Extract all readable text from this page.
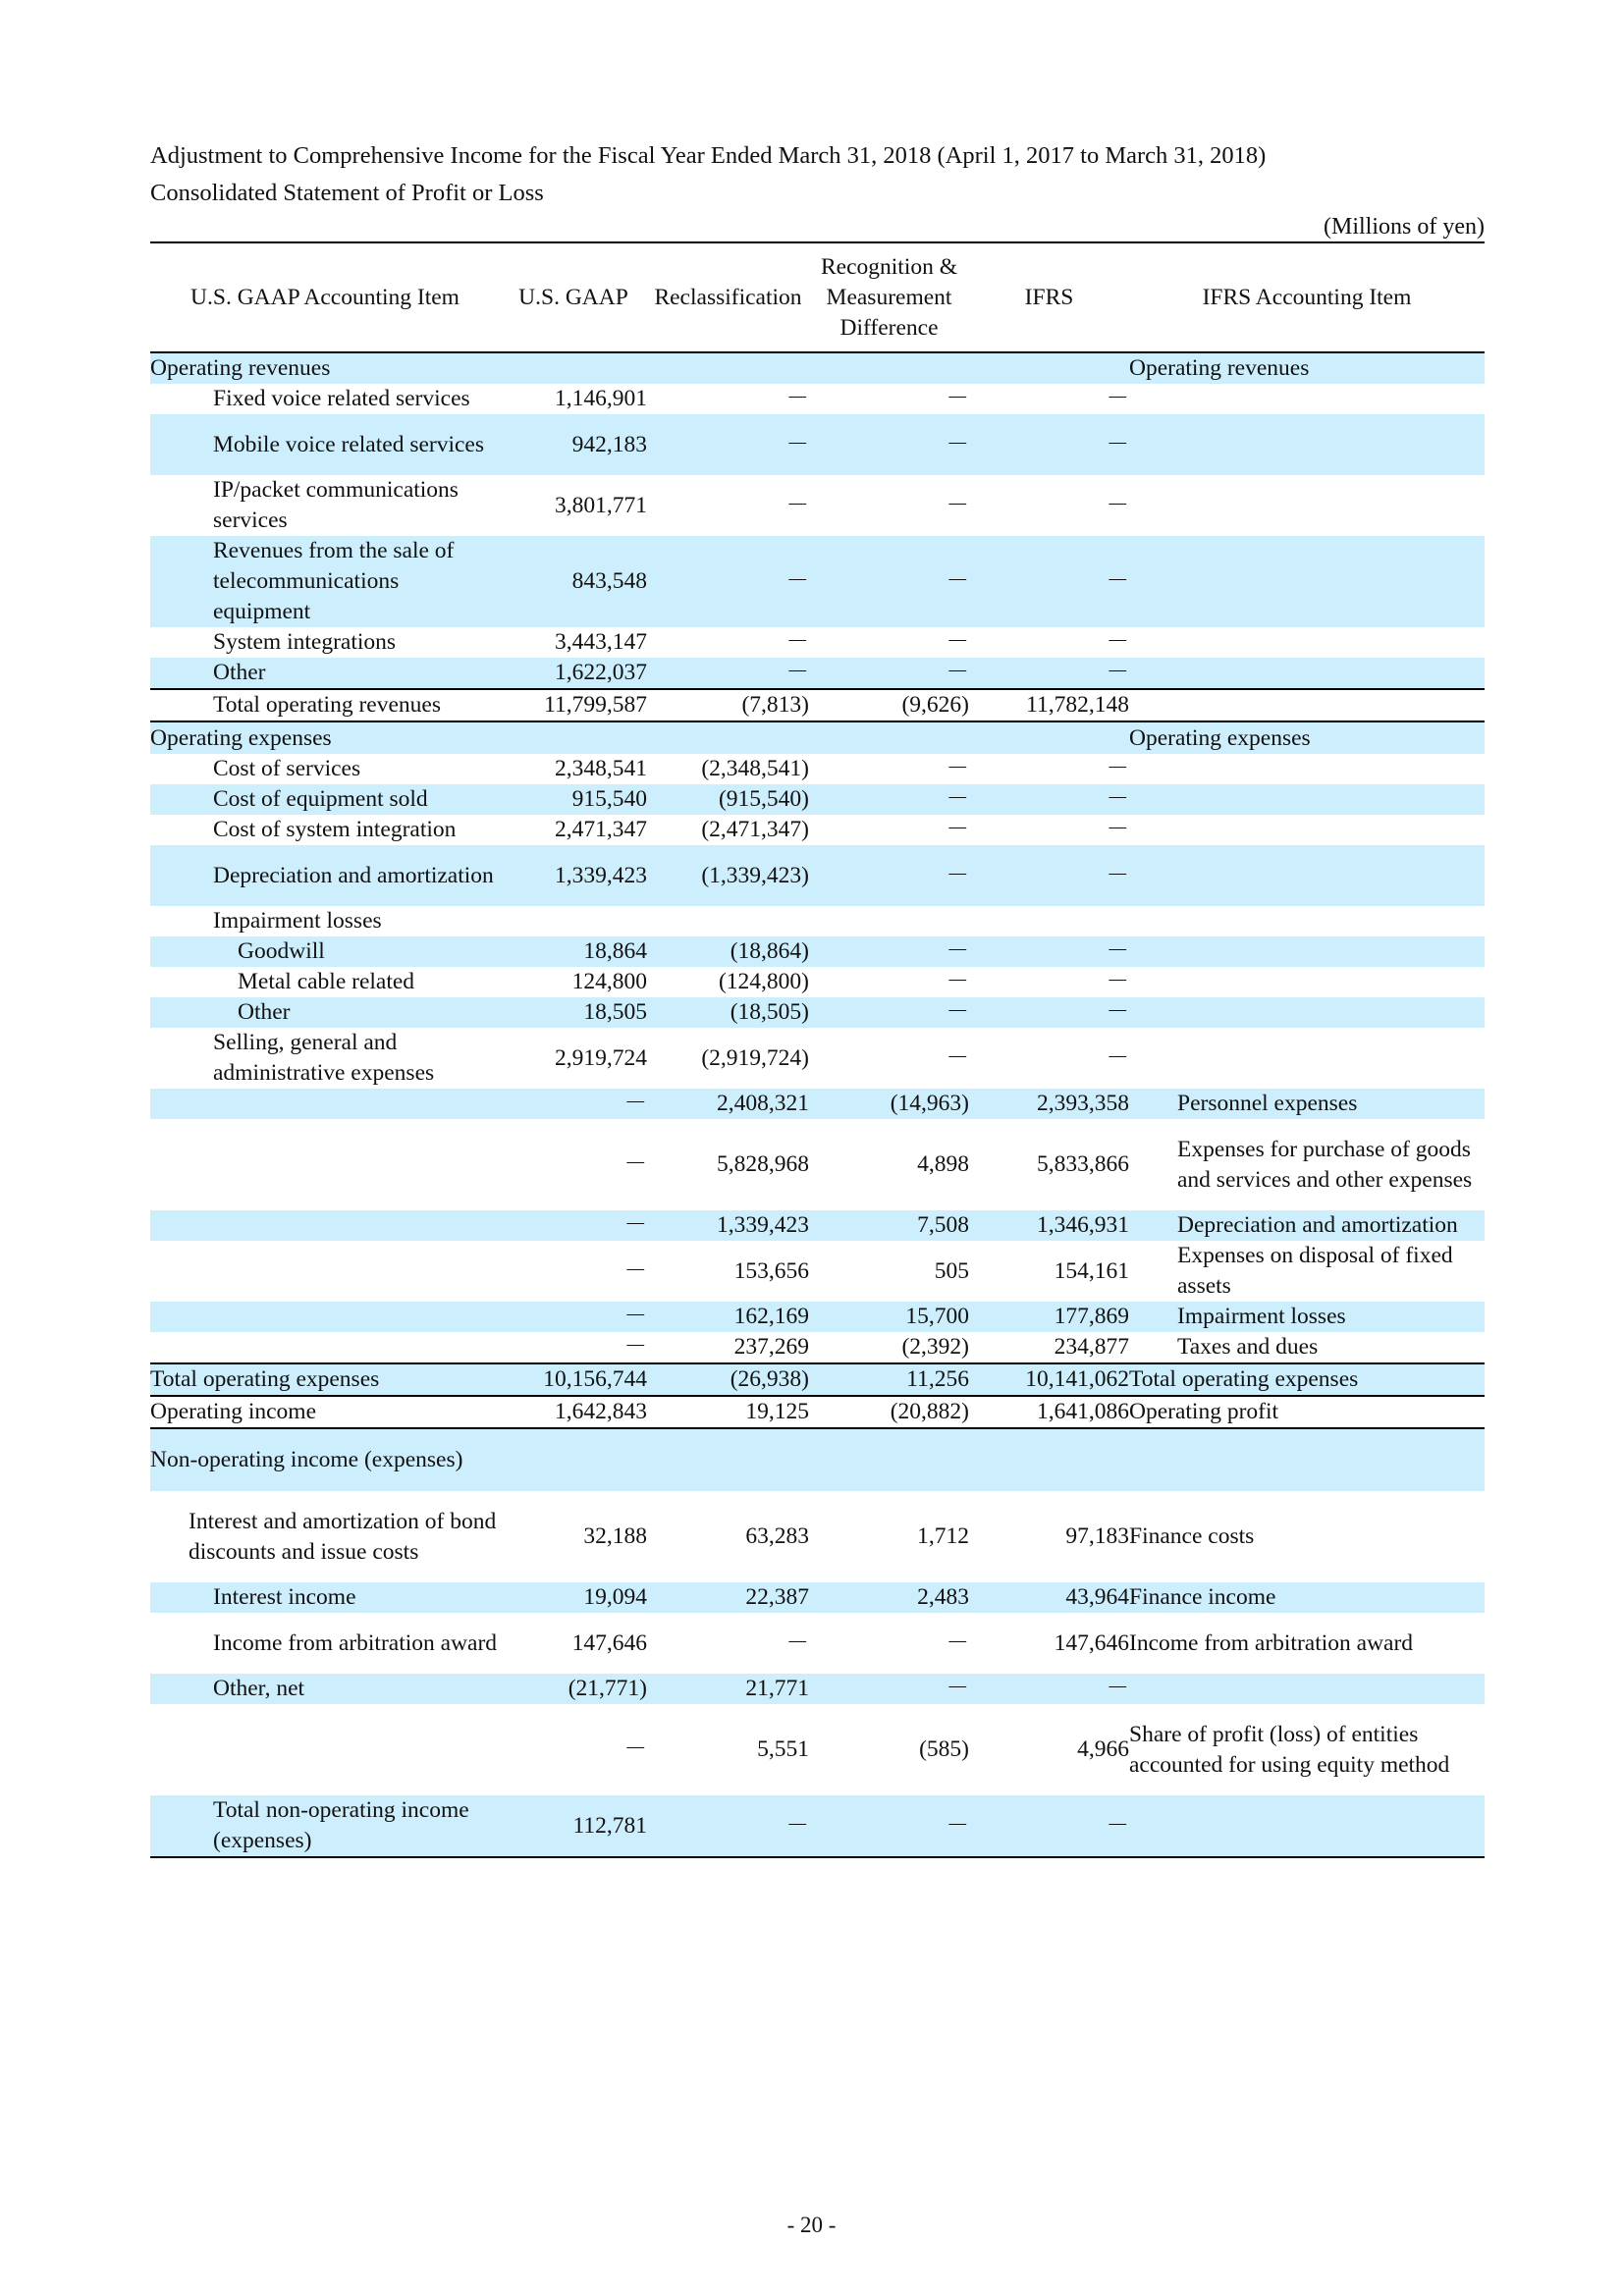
Adjustment to Comprehensive Income for the Fiscal Year Ended March 31, 2018 (April 1, 2017 to March 31, 2018)
Consolidated Statement of Profit or Loss
(Millions of yen)
U.S. GAAP Accounting Item	U.S. GAAP	Reclassification	Recognition & Measurement Difference	IFRS	IFRS Accounting Item
Operating revenues					Operating revenues
Fixed voice related services	1,146,901	－	－	－	
Mobile voice related services	942,183	－	－	－	
IP/packet communications services	3,801,771	－	－	－	
Revenues from the sale of telecommunications equipment	843,548	－	－	－	
System integrations	3,443,147	－	－	－	
Other	1,622,037	－	－	－	
Total operating revenues	11,799,587	(7,813)	(9,626)	11,782,148	
Operating expenses					Operating expenses
Cost of services	2,348,541	(2,348,541)	－	－	
Cost of equipment sold	915,540	(915,540)	－	－	
Cost of system integration	2,471,347	(2,471,347)	－	－	
Depreciation and amortization	1,339,423	(1,339,423)	－	－	
Impairment losses					
Goodwill	18,864	(18,864)	－	－	
Metal cable related	124,800	(124,800)	－	－	
Other	18,505	(18,505)	－	－	
Selling, general and administrative expenses	2,919,724	(2,919,724)	－	－	
	－	2,408,321	(14,963)	2,393,358	Personnel expenses
	－	5,828,968	4,898	5,833,866	Expenses for purchase of goods and services and other expenses
	－	1,339,423	7,508	1,346,931	Depreciation and amortization
	－	153,656	505	154,161	Expenses on disposal of fixed assets
	－	162,169	15,700	177,869	Impairment losses
	－	237,269	(2,392)	234,877	Taxes and dues
Total operating expenses	10,156,744	(26,938)	11,256	10,141,062	Total operating expenses
Operating income	1,642,843	19,125	(20,882)	1,641,086	Operating profit
Non-operating income (expenses)					
Interest and amortization of bond discounts and issue costs	32,188	63,283	1,712	97,183	Finance costs
Interest income	19,094	22,387	2,483	43,964	Finance income
Income from arbitration award	147,646	－	－	147,646	Income from arbitration award
Other, net	(21,771)	21,771	－	－	
	－	5,551	(585)	4,966	Share of profit (loss) of entities accounted for using equity method
Total non-operating income (expenses)	112,781	－	－	－	
- 20 -
